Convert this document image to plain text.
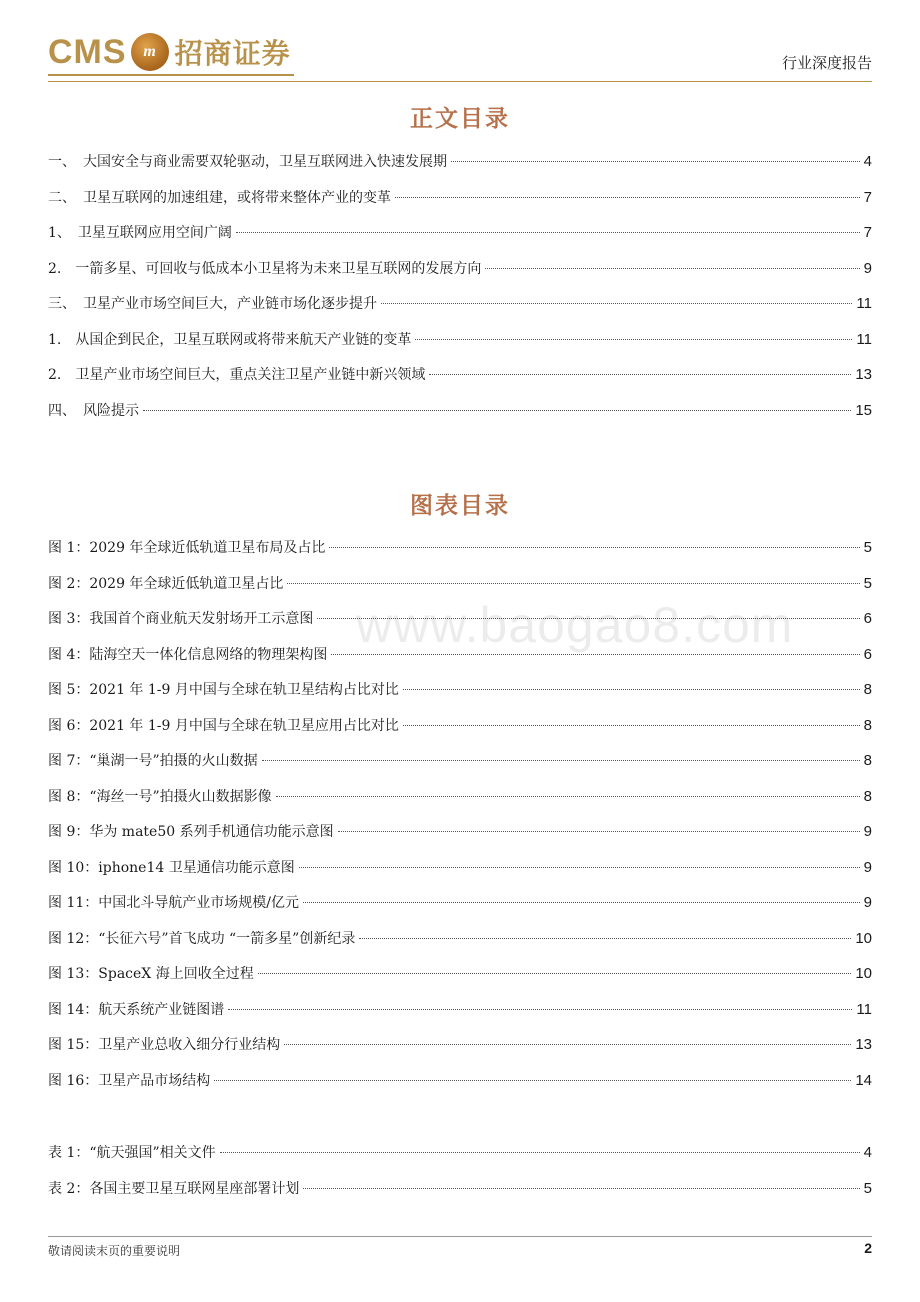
CMS	m 招商证券	行业深度报告
正文目录
一、　大国安全与商业需要双轮驱动，卫星互联网进入快速发展期	4
二、　卫星互联网的加速组建，或将带来整体产业的变革	7
1、　卫星互联网应用空间广阔	7
2.　一箭多星、可回收与低成本小卫星将为未来卫星互联网的发展方向	9
三、　卫星产业市场空间巨大，产业链市场化逐步提升	11
1.　从国企到民企，卫星互联网或将带来航天产业链的变革	11
2.　卫星产业市场空间巨大，重点关注卫星产业链中新兴领域	13
四、　风险提示	15
图表目录
图 1：2029 年全球近低轨道卫星布局及占比	5
图 2：2029 年全球近低轨道卫星占比	5
图 3：我国首个商业航天发射场开工示意图	6
图 4：陆海空天一体化信息网络的物理架构图	6
图 5：2021 年 1-9 月中国与全球在轨卫星结构占比对比	8
图 6：2021 年 1-9 月中国与全球在轨卫星应用占比对比	8
图 7：“巢湖一号”拍摄的火山数据	8
图 8：“海丝一号”拍摄火山数据影像	8
图 9：华为 mate50 系列手机通信功能示意图	9
图 10：iphone14 卫星通信功能示意图	9
图 11：中国北斗导航产业市场规模/亿元	9
图 12：“长征六号”首飞成功 “一箭多星”创新纪录	10
图 13：SpaceX 海上回收全过程	10
图 14：航天系统产业链图谱	11
图 15：卫星产业总收入细分行业结构	13
图 16：卫星产品市场结构	14
表 1：“航天强国”相关文件	4
表 2：各国主要卫星互联网星座部署计划	5
www.baogao8.com
敬请阅读末页的重要说明	2
